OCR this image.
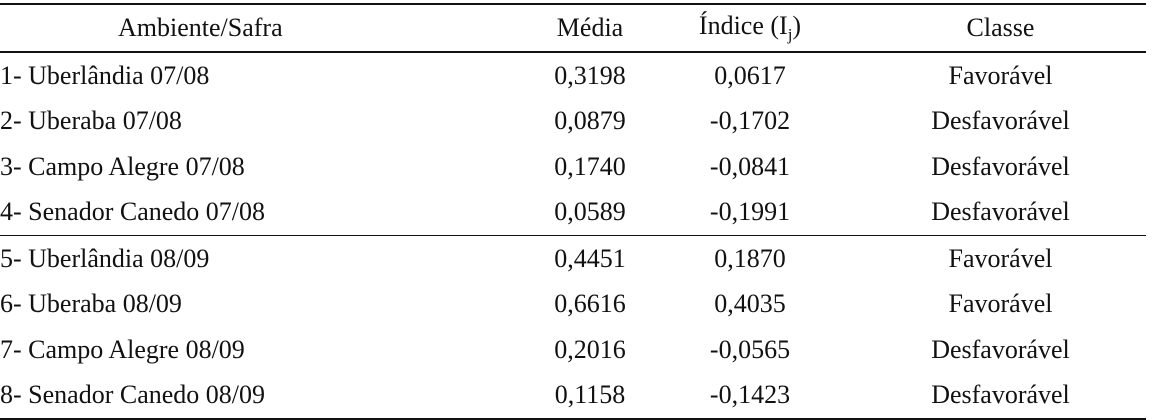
Ambiente/Safra	Média	Índice $(I_j)$	Classe
1- Uberlândia 07/08	0,3198	0,0617	Favorável
2- Uberaba 07/08	0,0879	-0,1702	Desfavorável
3- Campo Alegre 07/08	0,1740	-0,0841	Desfavorável
4- Senador Canedo 07/08	0,0589	-0,1991	Desfavorável
5- Uberlândia 08/09	0,4451	0,1870	Favorável
6- Uberaba 08/09	0,6616	0,4035	Favorável
7- Campo Alegre 08/09	0,2016	-0,0565	Desfavorável
8- Senador Canedo 08/09	0,1158	-0,1423	Desfavorável
